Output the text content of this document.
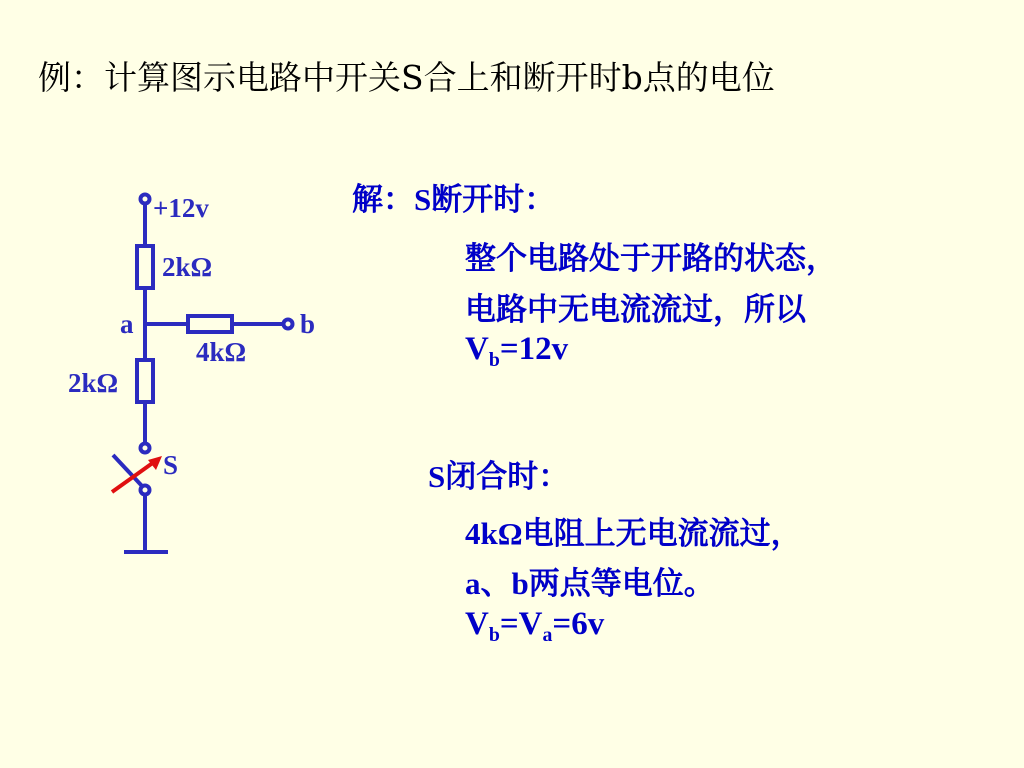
例：计算图示电路中开关S合上和断开时b点的电位
+12v
2kΩ
a	b
4kΩ
2kΩ
S
解：S断开时：
整个电路处于开路的状态，
电路中无电流流过，所以
$V_b=12v$
S闭合时：
4kΩ电阻上无电流流过，
a、b两点等电位。
$V_b=V_a=6v$
